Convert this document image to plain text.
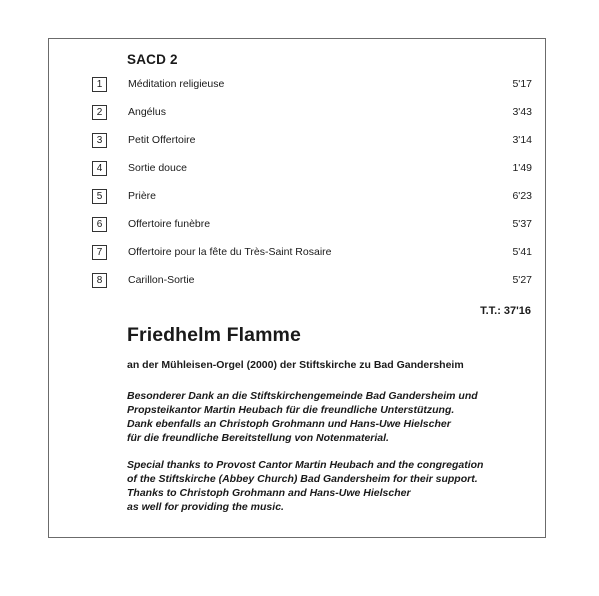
SACD 2
1	Méditation religieuse	5'17
2	Angélus	3'43
3	Petit Offertoire	3'14
4	Sortie douce	1'49
5	Prière	6'23
6	Offertoire funèbre	5'37
7	Offertoire pour la fête du Très-Saint Rosaire	5'41
8	Carillon-Sortie	5'27
T.T.: 37'16
Friedhelm Flamme
an der Mühleisen-Orgel (2000) der Stiftskirche zu Bad Gandersheim
Besonderer Dank an die Stiftskirchengemeinde Bad Gandersheim und
Propsteikantor Martin Heubach für die freundliche Unterstützung.
Dank ebenfalls an Christoph Grohmann und Hans-Uwe Hielscher
für die freundliche Bereitstellung von Notenmaterial.
Special thanks to Provost Cantor Martin Heubach and the congregation
of the Stiftskirche (Abbey Church) Bad Gandersheim for their support.
Thanks to Christoph Grohmann and Hans-Uwe Hielscher
as well for providing the music.
